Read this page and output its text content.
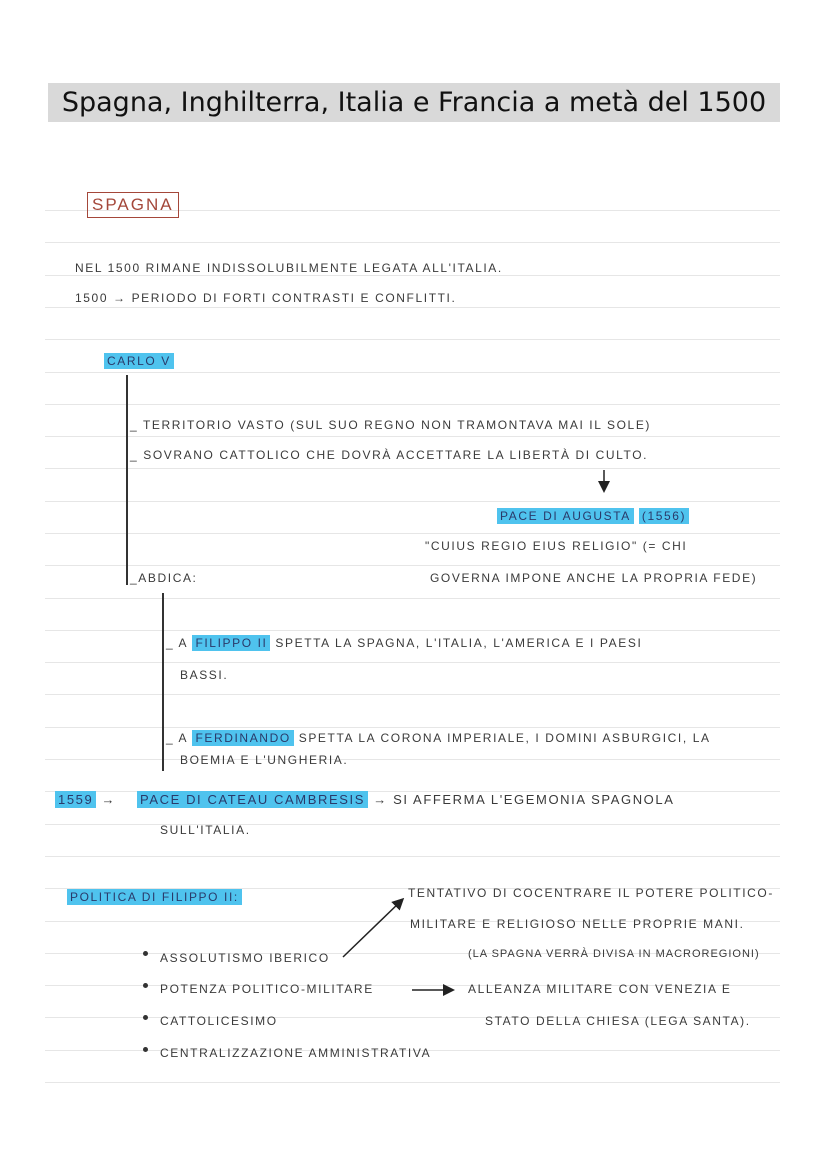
Spagna, Inghilterra, Italia e Francia a metà del 1500
SPAGNA
NEL 1500 RIMANE INDISSOLUBILMENTE LEGATA ALL'ITALIA.
1500 → PERIODO DI FORTI CONTRASTI E CONFLITTI.
CARLO V
_ TERRITORIO VASTO (SUL SUO REGNO NON TRAMONTAVA MAI IL SOLE)
_ SOVRANO CATTOLICO CHE DOVRÀ ACCETTARE LA LIBERTÀ DI CULTO.
PACE DI AUGUSTA (1556)
"CUIUS REGIO EIUS RELIGIO" (= CHI
_ABDICA:	GOVERNA IMPONE ANCHE LA PROPRIA FEDE)
_ A FILIPPO II SPETTA LA SPAGNA, L'ITALIA, L'AMERICA E I PAESI
BASSI.
_ A FERDINANDO SPETTA LA CORONA IMPERIALE, I DOMINI ASBURGICI, LA
BOEMIA E L'UNGHERIA.
1559 → PACE DI CATEAU CAMBRESIS → SI AFFERMA L'EGEMONIA SPAGNOLA
SULL'ITALIA.
POLITICA DI FILIPPO II:	TENTATIVO DI COCENTRARE IL POTERE POLITICO-
MILITARE E RELIGIOSO NELLE PROPRIE MANI.
(LA SPAGNA VERRÀ DIVISA IN MACROREGIONI)
ASSOLUTISMO IBERICO
POTENZA POLITICO-MILITARE	ALLEANZA MILITARE CON VENEZIA E
CATTOLICESIMO	STATO DELLA CHIESA (LEGA SANTA).
CENTRALIZZAZIONE AMMINISTRATIVA
